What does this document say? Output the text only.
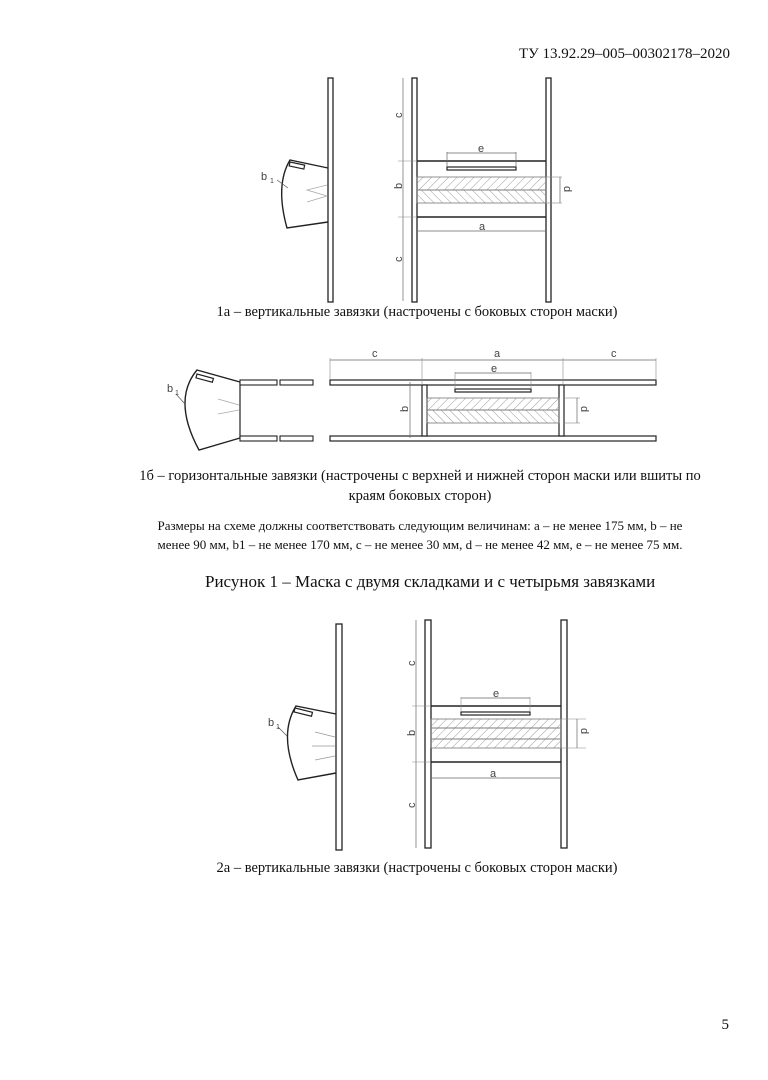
ТУ 13.92.29–005–00302178–2020
b 1
e
a
d
c
b
c
1а – вертикальные завязки (настрочены с боковых сторон маски)
b 1
c	a	c
e
b	d
1б – горизонтальные завязки (настрочены с верхней и нижней сторон маски или вшиты по
краям боковых сторон)
Размеры на схеме должны соответствовать следующим величинам: a – не менее 175 мм, b – не
менее 90 мм, b1 – не менее 170 мм, c – не менее 30 мм, d – не менее 42 мм, e – не менее 75 мм.
Рисунок 1 – Маска с двумя складками и с четырьмя завязками
b 1
e
a
d
c
b
c
2а – вертикальные завязки (настрочены с боковых сторон маски)
5
